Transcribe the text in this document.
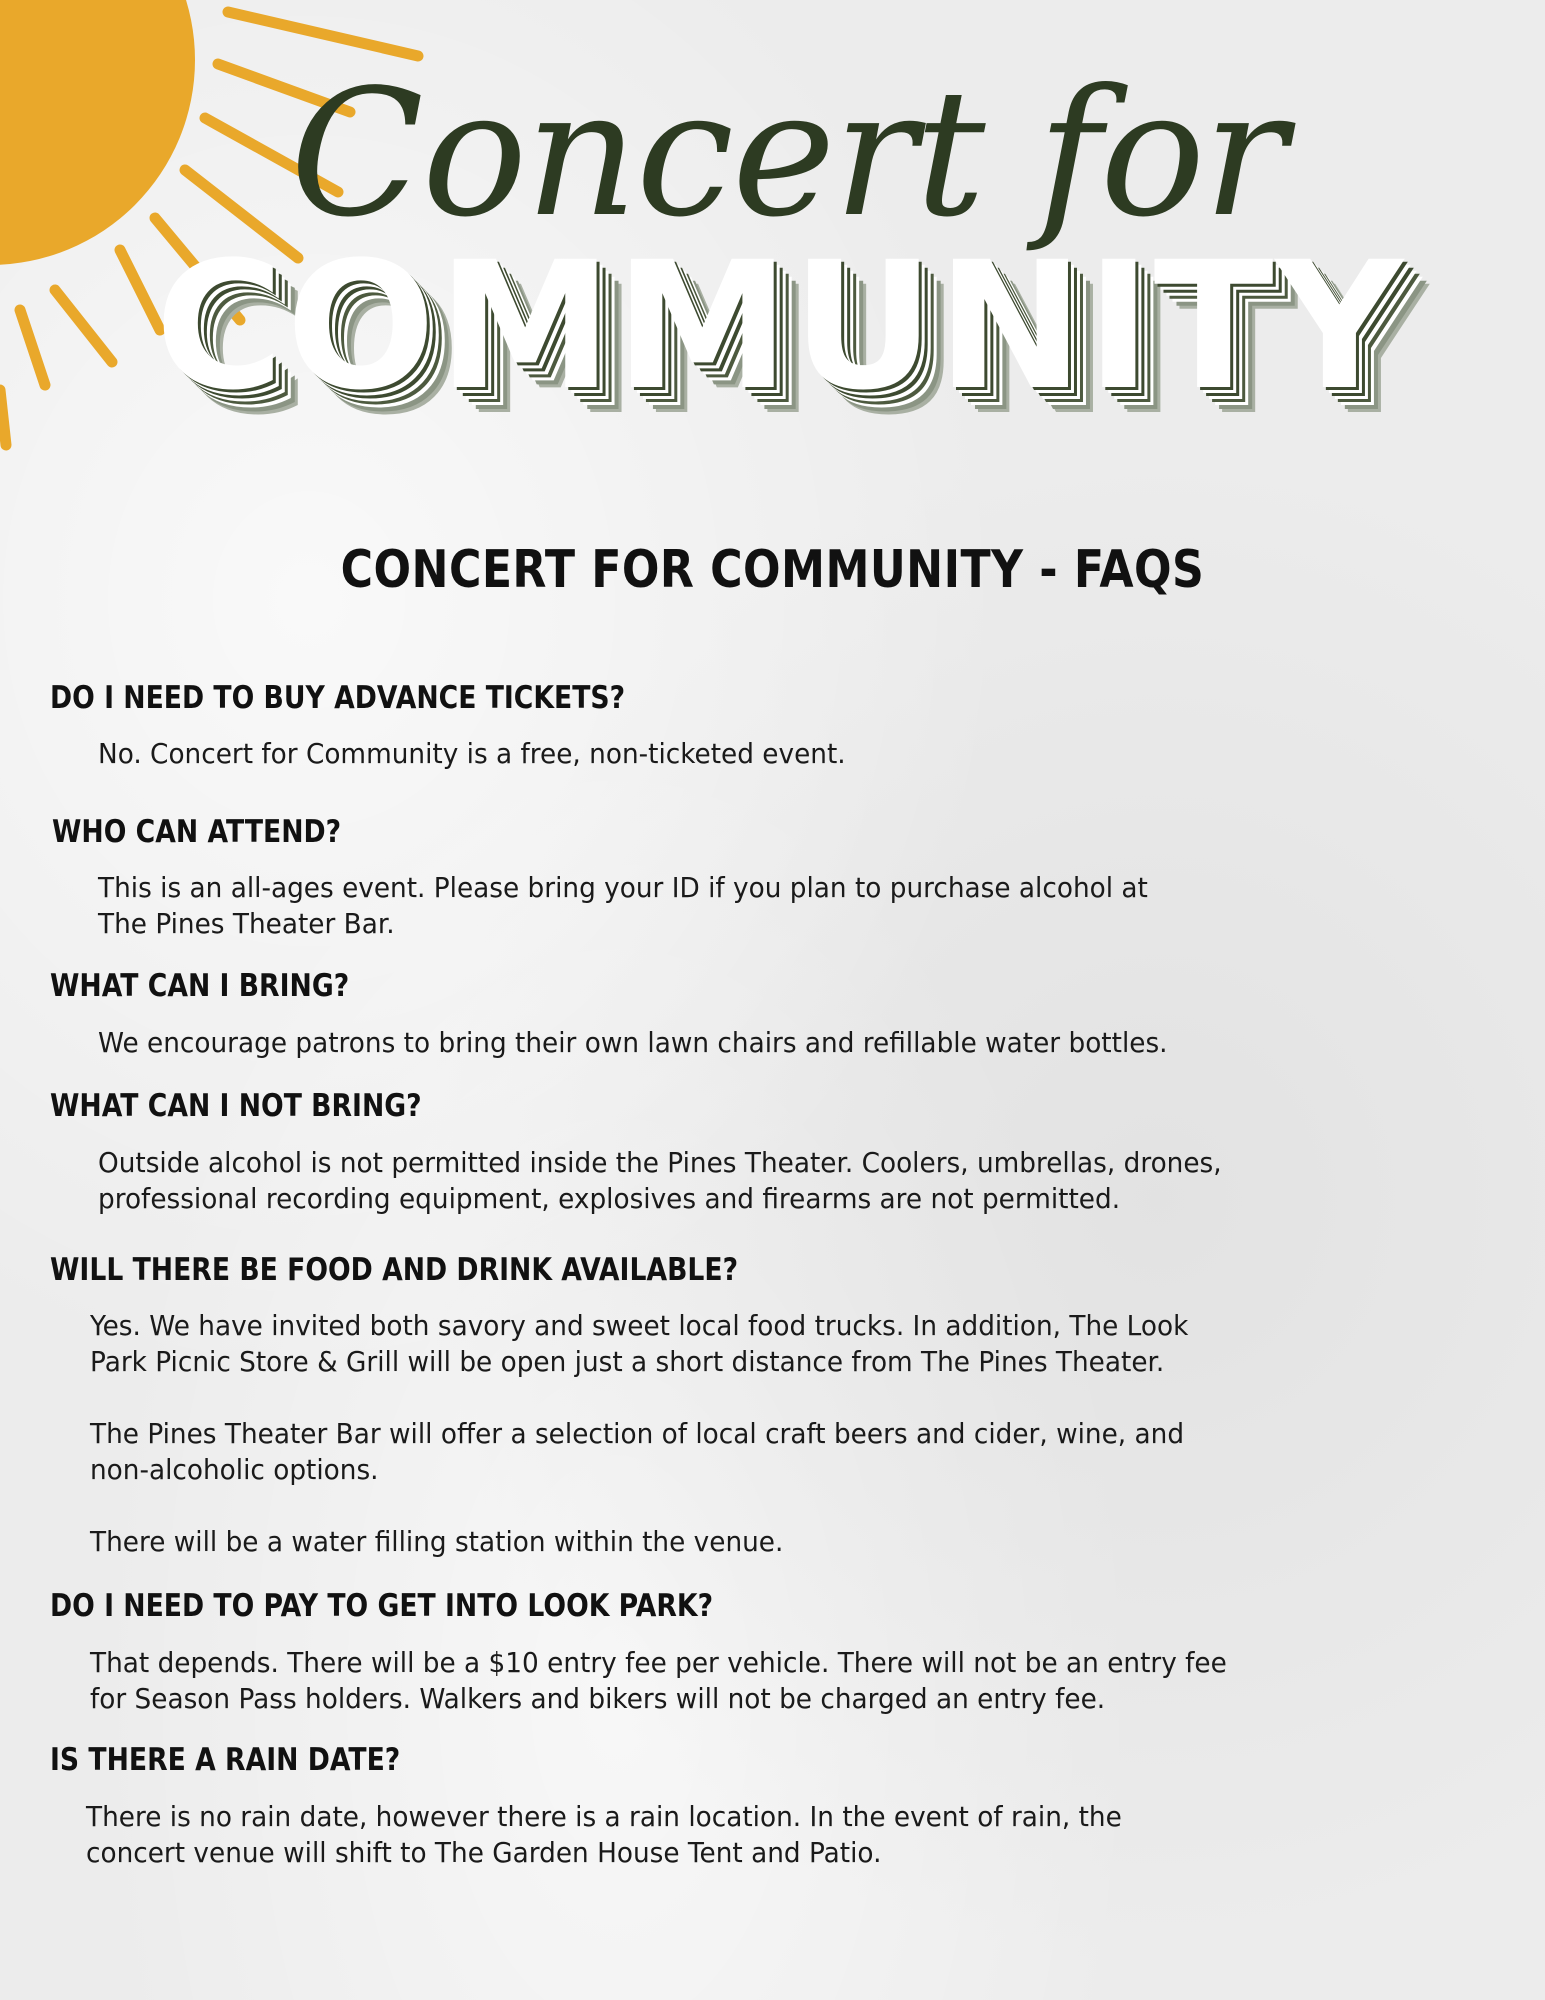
Concert for
COMMUNITY
CONCERT FOR COMMUNITY - FAQS
DO I NEED TO BUY ADVANCE TICKETS?

No. Concert for Community is a free, non-ticketed event.

WHO CAN ATTEND?

This is an all-ages event. Please bring your ID if you plan to purchase alcohol at
The Pines Theater Bar.

WHAT CAN I BRING?

We encourage patrons to bring their own lawn chairs and refillable water bottles.

WHAT CAN I NOT BRING?

Outside alcohol is not permitted inside the Pines Theater. Coolers, umbrellas, drones,
professional recording equipment, explosives and firearms are not permitted.

WILL THERE BE FOOD AND DRINK AVAILABLE?

Yes. We have invited both savory and sweet local food trucks. In addition, The Look
Park Picnic Store & Grill will be open just a short distance from The Pines Theater.

The Pines Theater Bar will offer a selection of local craft beers and cider, wine, and
non-alcoholic options.

There will be a water filling station within the venue.

DO I NEED TO PAY TO GET INTO LOOK PARK?

That depends. There will be a $10 entry fee per vehicle. There will not be an entry fee
for Season Pass holders. Walkers and bikers will not be charged an entry fee.

IS THERE A RAIN DATE?

There is no rain date, however there is a rain location. In the event of rain, the
concert venue will shift to The Garden House Tent and Patio.
